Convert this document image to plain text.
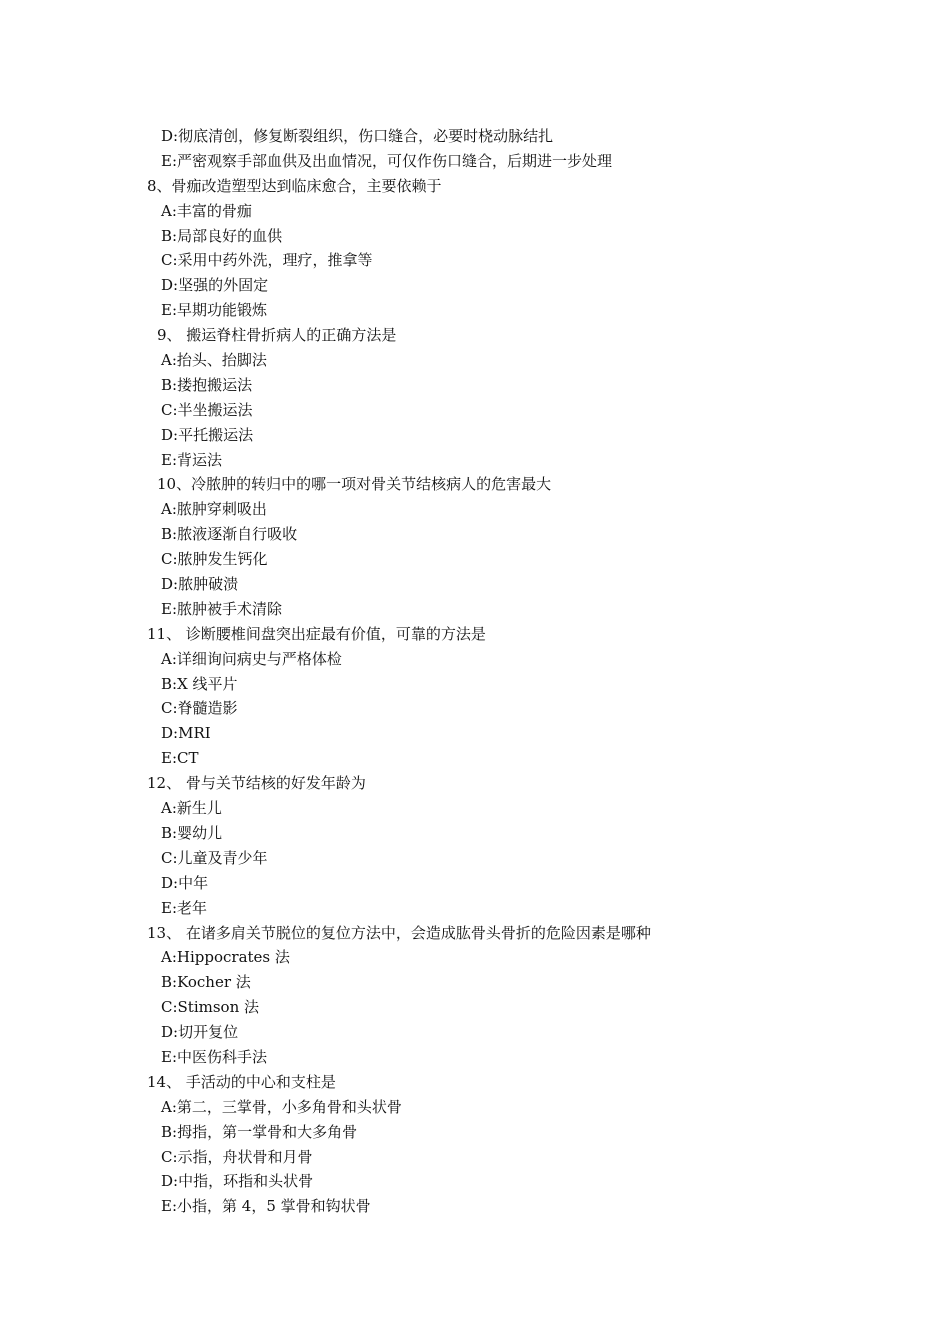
D:彻底清创，修复断裂组织，伤口缝合，必要时桡动脉结扎
E:严密观察手部血供及出血情况，可仅作伤口缝合，后期进一步处理
8、骨痂改造塑型达到临床愈合，主要依赖于
A:丰富的骨痂
B:局部良好的血供
C:采用中药外洗，理疗，推拿等
D:坚强的外固定
E:早期功能锻炼
9、 搬运脊柱骨折病人的正确方法是
A:抬头、抬脚法
B:搂抱搬运法
C:半坐搬运法
D:平托搬运法
E:背运法
10、冷脓肿的转归中的哪一项对骨关节结核病人的危害最大
A:脓肿穿刺吸出
B:脓液逐渐自行吸收
C:脓肿发生钙化
D:脓肿破溃
E:脓肿被手术清除
11、 诊断腰椎间盘突出症最有价值，可靠的方法是
A:详细询问病史与严格体检
B:X 线平片
C:脊髓造影
D:MRI
E:CT
12、 骨与关节结核的好发年龄为
A:新生儿
B:婴幼儿
C:儿童及青少年
D:中年
E:老年
13、 在诸多肩关节脱位的复位方法中，会造成肱骨头骨折的危险因素是哪种
A:Hippocrates 法
B:Kocher 法
C:Stimson 法
D:切开复位
E:中医伤科手法
14、 手活动的中心和支柱是
A:第二，三掌骨，小多角骨和头状骨
B:拇指，第一掌骨和大多角骨
C:示指，舟状骨和月骨
D:中指，环指和头状骨
E:小指，第 4，5 掌骨和钩状骨
